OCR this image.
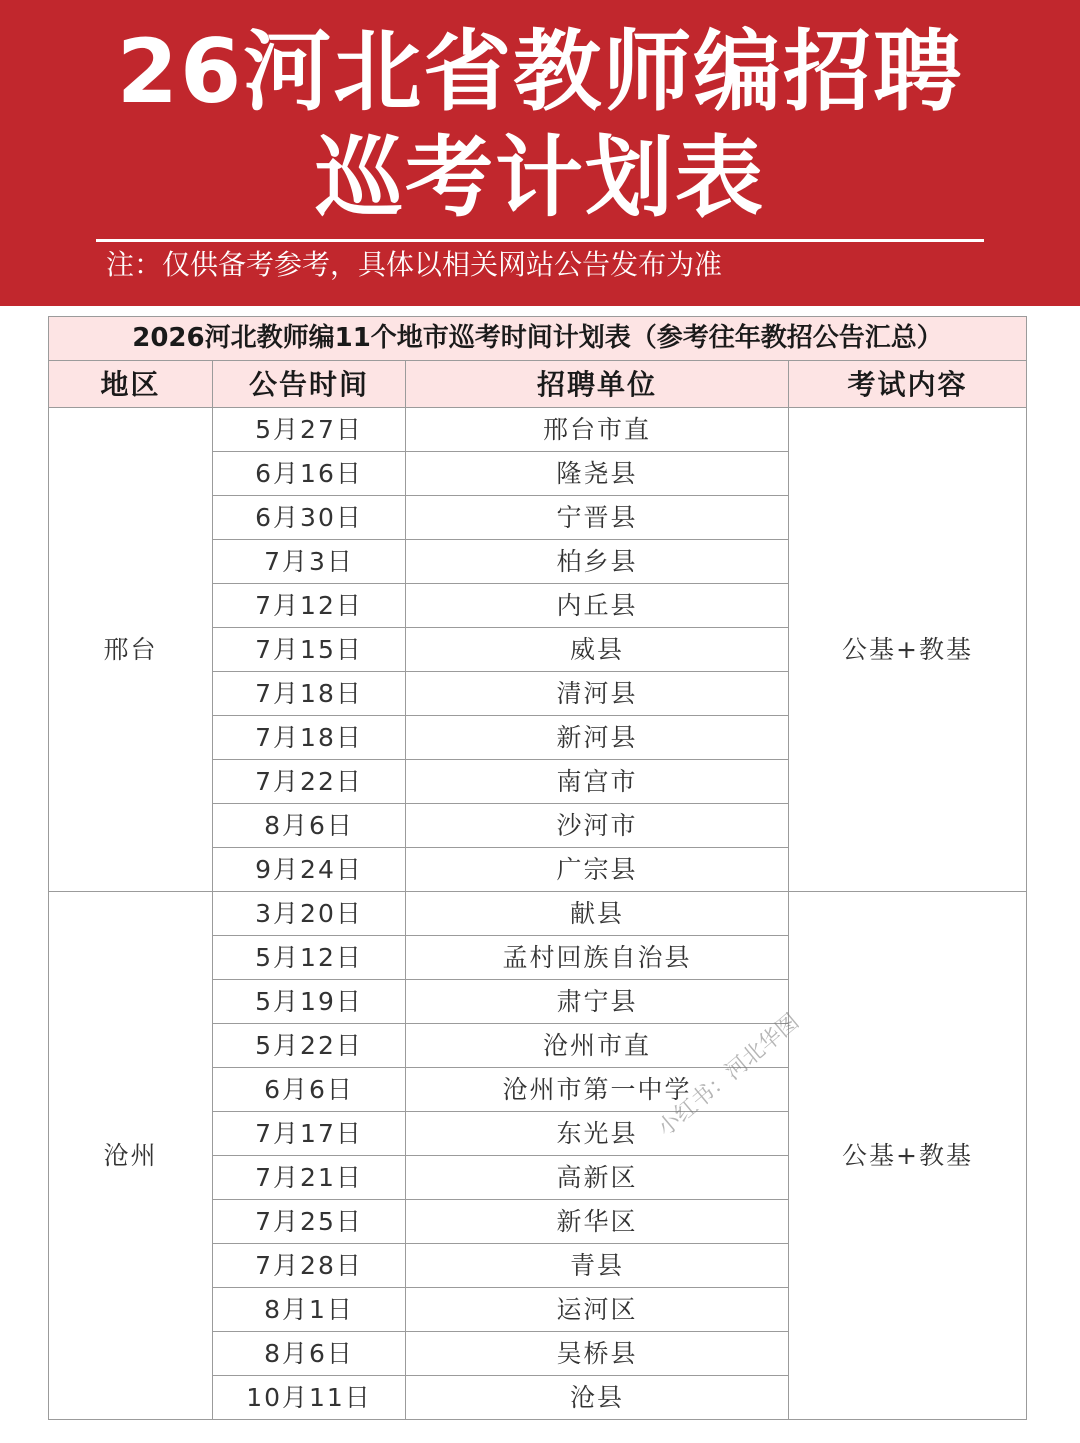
26河北省教师编招聘
巡考计划表
注：仅供备考参考，具体以相关网站公告发布为准
2026河北教师编11个地市巡考时间计划表（参考往年教招公告汇总）			
地区	公告时间	招聘单位	考试内容
邢台	5月27日	邢台市直	公基+教基
	6月16日	隆尧县	
	6月30日	宁晋县	
	7月3日	柏乡县	
	7月12日	内丘县	
	7月15日	威县	
	7月18日	清河县	
	7月18日	新河县	
	7月22日	南宫市	
	8月6日	沙河市	
	9月24日	广宗县	
沧州	3月20日	献县	公基+教基
	5月12日	孟村回族自治县	
	5月19日	肃宁县	
	5月22日	沧州市直	
	6月6日	沧州市第一中学	
	7月17日	东光县	
	7月21日	高新区	
	7月25日	新华区	
	7月28日	青县	
	8月1日	运河区	
	8月6日	吴桥县	
	10月11日	沧县	
小红书：河北华图
